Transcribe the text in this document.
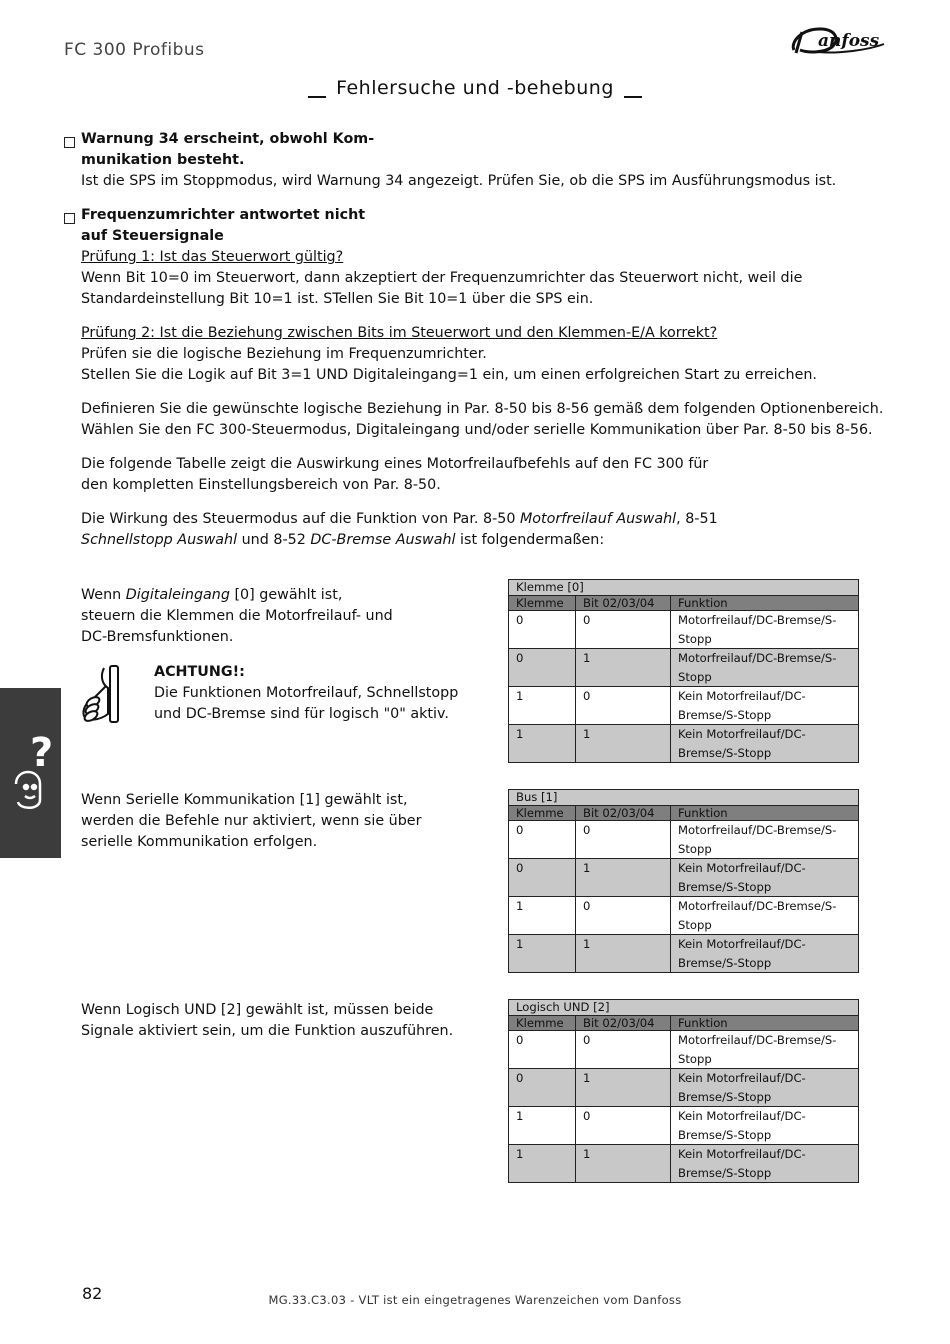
FC 300 Profibus	anfoss
Fehlersuche und -behebung
Warnung 34 erscheint, obwohl Kom-
munikation besteht.
Ist die SPS im Stoppmodus, wird Warnung 34 angezeigt. Prüfen Sie, ob die SPS im Ausführungsmodus ist.
Frequenzumrichter antwortet nicht
auf Steuersignale
Prüfung 1: Ist das Steuerwort gültig?
Wenn Bit 10=0 im Steuerwort, dann akzeptiert der Frequenzumrichter das Steuerwort nicht, weil die
Standardeinstellung Bit 10=1 ist. STellen Sie Bit 10=1 über die SPS ein.
Prüfung 2: Ist die Beziehung zwischen Bits im Steuerwort und den Klemmen-E/A korrekt?
Prüfen sie die logische Beziehung im Frequenzumrichter.
Stellen Sie die Logik auf Bit 3=1 UND Digitaleingang=1 ein, um einen erfolgreichen Start zu erreichen.
Definieren Sie die gewünschte logische Beziehung in Par. 8-50 bis 8-56 gemäß dem folgenden Optionenbereich.
Wählen Sie den FC 300-Steuermodus, Digitaleingang und/oder serielle Kommunikation über Par. 8-50 bis 8-56.
Die folgende Tabelle zeigt die Auswirkung eines Motorfreilaufbefehls auf den FC 300 für
den kompletten Einstellungsbereich von Par. 8-50.
Die Wirkung des Steuermodus auf die Funktion von Par. 8-50 Motorfreilauf Auswahl, 8-51
Schnellstopp Auswahl und 8-52 DC-Bremse Auswahl ist folgendermaßen:
Wenn Digitaleingang [0] gewählt ist,
steuern die Klemmen die Motorfreilauf- und
DC-Bremsfunktionen.
ACHTUNG!:
Die Funktionen Motorfreilauf, Schnellstopp
und DC-Bremse sind für logisch "0" aktiv.
?
Klemme [0]		
Klemme	Bit 02/03/04	Funktion
0	0	Motorfreilauf/DC-Bremse/S-
Stopp
0	1	Motorfreilauf/DC-Bremse/S-
Stopp
1	0	Kein Motorfreilauf/DC-
Bremse/S-Stopp
1	1	Kein Motorfreilauf/DC-
Bremse/S-Stopp
Wenn Serielle Kommunikation [1] gewählt ist,
werden die Befehle nur aktiviert, wenn sie über
serielle Kommunikation erfolgen.
Bus [1]		
Klemme	Bit 02/03/04	Funktion
0	0	Motorfreilauf/DC-Bremse/S-
Stopp
0	1	Kein Motorfreilauf/DC-
Bremse/S-Stopp
1	0	Motorfreilauf/DC-Bremse/S-
Stopp
1	1	Kein Motorfreilauf/DC-
Bremse/S-Stopp
Wenn Logisch UND [2] gewählt ist, müssen beide
Signale aktiviert sein, um die Funktion auszuführen.
Logisch UND [2]		
Klemme	Bit 02/03/04	Funktion
0	0	Motorfreilauf/DC-Bremse/S-
Stopp
0	1	Kein Motorfreilauf/DC-
Bremse/S-Stopp
1	0	Kein Motorfreilauf/DC-
Bremse/S-Stopp
1	1	Kein Motorfreilauf/DC-
Bremse/S-Stopp
82	MG.33.C3.03 - VLT ist ein eingetragenes Warenzeichen vom Danfoss
